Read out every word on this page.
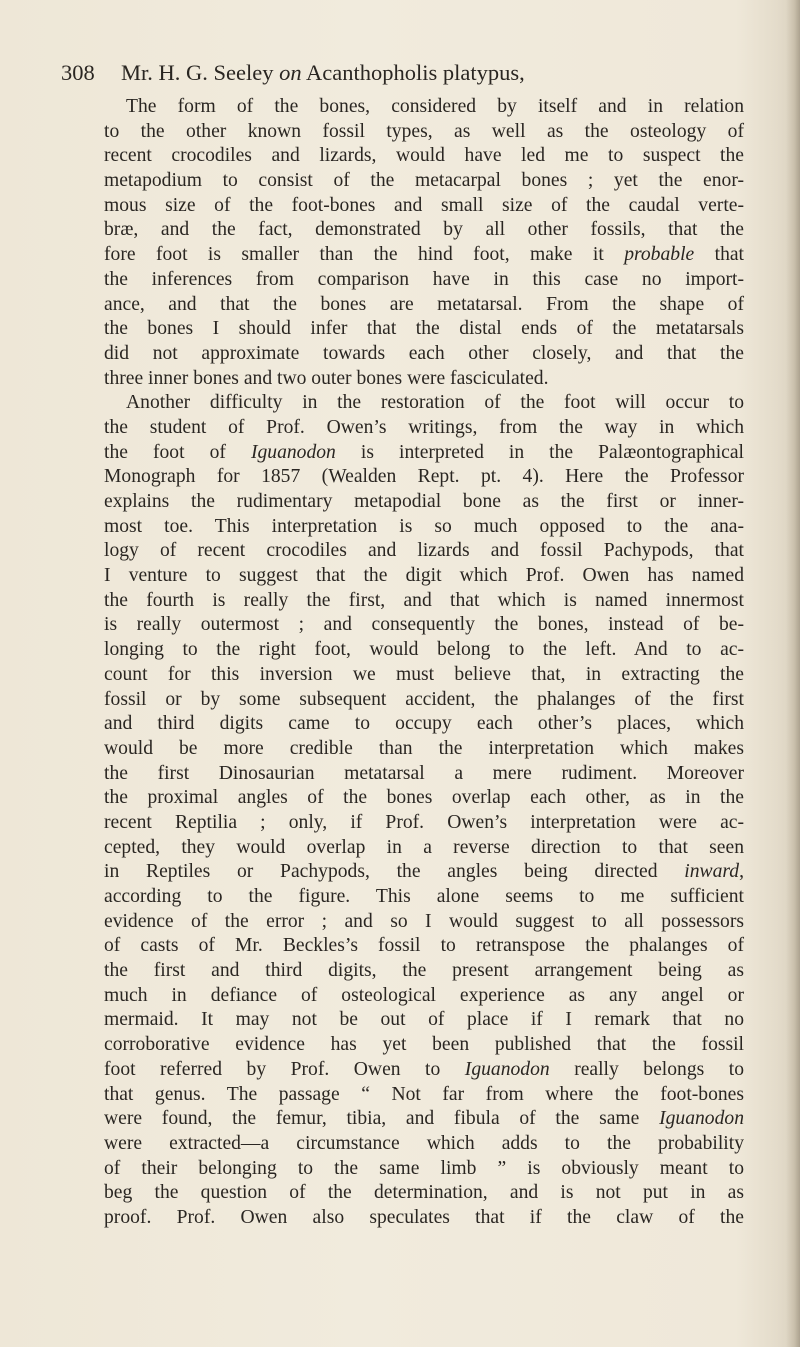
308 Mr. H. G. Seeley on Acanthopholis platypus,
The form of the bones, considered by itself and in relation
to the other known fossil types, as well as the osteology of
recent crocodiles and lizards, would have led me to suspect the
metapodium to consist of the metacarpal bones ; yet the enor-
mous size of the foot-bones and small size of the caudal verte-
bræ, and the fact, demonstrated by all other fossils, that the
fore foot is smaller than the hind foot, make it probable that
the inferences from comparison have in this case no import-
ance, and that the bones are metatarsal. From the shape of
the bones I should infer that the distal ends of the metatarsals
did not approximate towards each other closely, and that the
three inner bones and two outer bones were fasciculated.
Another difficulty in the restoration of the foot will occur to
the student of Prof. Owen’s writings, from the way in which
the foot of Iguanodon is interpreted in the Palæontographical
Monograph for 1857 (Wealden Rept. pt. 4). Here the Professor
explains the rudimentary metapodial bone as the first or inner-
most toe. This interpretation is so much opposed to the ana-
logy of recent crocodiles and lizards and fossil Pachypods, that
I venture to suggest that the digit which Prof. Owen has named
the fourth is really the first, and that which is named innermost
is really outermost ; and consequently the bones, instead of be-
longing to the right foot, would belong to the left. And to ac-
count for this inversion we must believe that, in extracting the
fossil or by some subsequent accident, the phalanges of the first
and third digits came to occupy each other’s places, which
would be more credible than the interpretation which makes
the first Dinosaurian metatarsal a mere rudiment. Moreover
the proximal angles of the bones overlap each other, as in the
recent Reptilia ; only, if Prof. Owen’s interpretation were ac-
cepted, they would overlap in a reverse direction to that seen
in Reptiles or Pachypods, the angles being directed inward,
according to the figure. This alone seems to me sufficient
evidence of the error ; and so I would suggest to all possessors
of casts of Mr. Beckles’s fossil to retranspose the phalanges of
the first and third digits, the present arrangement being as
much in defiance of osteological experience as any angel or
mermaid. It may not be out of place if I remark that no
corroborative evidence has yet been published that the fossil
foot referred by Prof. Owen to Iguanodon really belongs to
that genus. The passage “ Not far from where the foot-bones
were found, the femur, tibia, and fibula of the same Iguanodon
were extracted—a circumstance which adds to the probability
of their belonging to the same limb ” is obviously meant to
beg the question of the determination, and is not put in as
proof. Prof. Owen also speculates that if the claw of the
